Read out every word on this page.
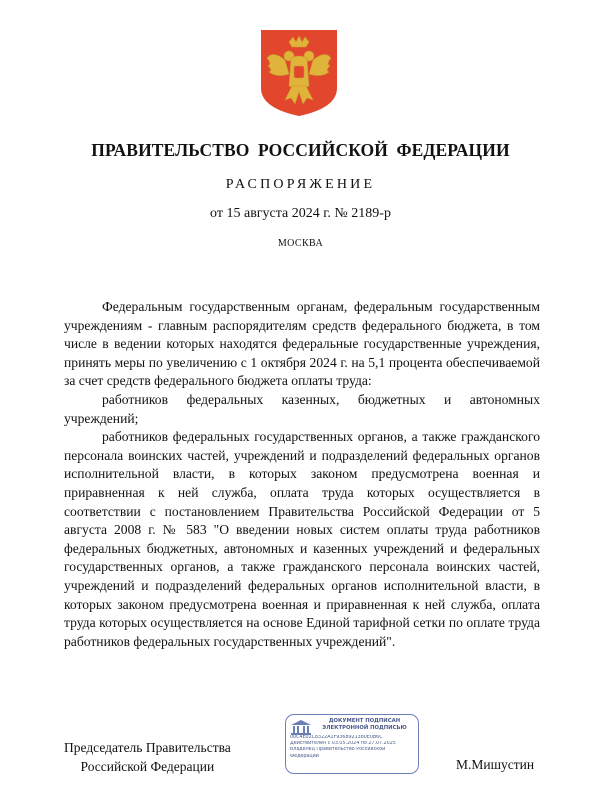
ПРАВИТЕЛЬСТВО РОССИЙСКОЙ ФЕДЕРАЦИИ
РАСПОРЯЖЕНИЕ
от 15 августа 2024 г. № 2189-р
МОСКВА

Федеральным государственным органам, федеральным государственным учреждениям - главным распорядителям средств федерального бюджета, в том числе в ведении которых находятся федеральные государственные учреждения, принять меры по увеличению с 1 октября 2024 г. на 5,1 процента обеспечиваемой за счет средств федерального бюджета оплаты труда:

работников федеральных казенных, бюджетных и автономных учреждений;

работников федеральных государственных органов, а также гражданского персонала воинских частей, учреждений и подразделений федеральных органов исполнительной власти, в которых законом предусмотрена военная и приравненная к ней служба, оплата труда которых осуществляется в соответствии с постановлением Правительства Российской Федерации от 5 августа 2008 г. № 583 "О введении новых систем оплаты труда работников федеральных бюджетных, автономных и казенных учреждений и федеральных государственных органов, а также гражданского персонала воинских частей, учреждений и подразделений федеральных органов исполнительной власти, в которых законом предусмотрена военная и приравненная к ней служба, оплата труда которых осуществляется на основе Единой тарифной сетки по оплате труда работников федеральных государственных учреждений".

Председатель Правительства
Российской Федерации
ДОКУМЕНТ ПОДПИСАН
ЭЛЕКТРОННОЙ ПОДПИСЬЮ
00C4E02C8322A1F9368921380E0B6C
Действителен с 03.05.2024 по 27.07.2025
Владелец Правительство Российской
Федерации
М.Мишустин
